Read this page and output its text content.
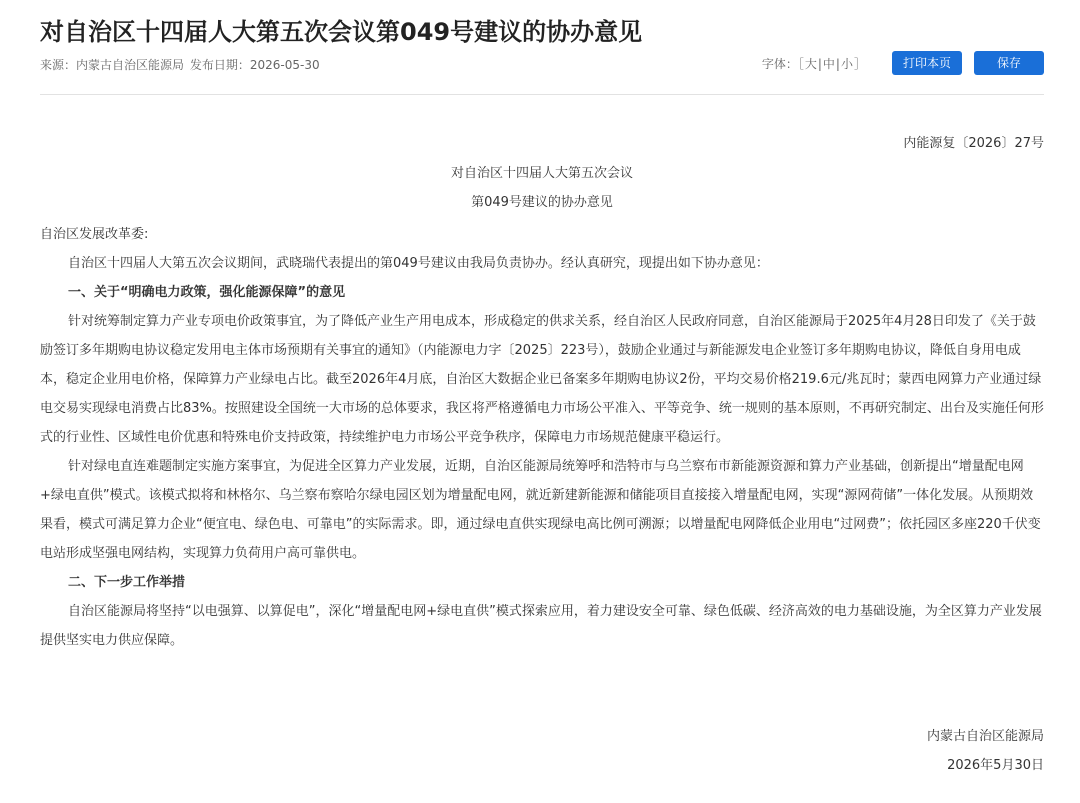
对自治区十四届人大第五次会议第049号建议的协办意见
来源：内蒙古自治区能源局 发布日期：2026-05-30	字体：［大|中|小］	打印本页	保存
内能源复〔2026〕27号
对自治区十四届人大第五次会议
第049号建议的协办意见

自治区发展改革委:

自治区十四届人大第五次会议期间，武晓瑞代表提出的第049号建议由我局负责协办。经认真研究，现提出如下协办意见：

一、关于“明确电力政策，强化能源保障”的意见

针对统筹制定算力产业专项电价政策事宜，为了降低产业生产用电成本，形成稳定的供求关系，经自治区人民政府同意，自治区能源局于2025年4月28日印发了《关于鼓励签订多年期购电协议稳定发用电主体市场预期有关事宜的通知》（内能源电力字〔2025〕223号），鼓励企业通过与新能源发电企业签订多年期购电协议，降低自身用电成本，稳定企业用电价格，保障算力产业绿电占比。截至2026年4月底，自治区大数据企业已备案多年期购电协议2份，平均交易价格219.6元/兆瓦时；蒙西电网算力产业通过绿电交易实现绿电消费占比83%。按照建设全国统一大市场的总体要求，我区将严格遵循电力市场公平准入、平等竞争、统一规则的基本原则，不再研究制定、出台及实施任何形式的行业性、区域性电价优惠和特殊电价支持政策，持续维护电力市场公平竞争秩序，保障电力市场规范健康平稳运行。

针对绿电直连难题制定实施方案事宜，为促进全区算力产业发展，近期，自治区能源局统筹呼和浩特市与乌兰察布市新能源资源和算力产业基础，创新提出“增量配电网+绿电直供”模式。该模式拟将和林格尔、乌兰察布察哈尔绿电园区划为增量配电网，就近新建新能源和储能项目直接接入增量配电网，实现“源网荷储”一体化发展。从预期效果看，模式可满足算力企业“便宜电、绿色电、可靠电”的实际需求。即，通过绿电直供实现绿电高比例可溯源；以增量配电网降低企业用电“过网费”；依托园区多座220千伏变电站形成坚强电网结构，实现算力负荷用户高可靠供电。

二、下一步工作举措

自治区能源局将坚持“以电强算、以算促电”，深化“增量配电网+绿电直供”模式探索应用，着力建设安全可靠、绿色低碳、经济高效的电力基础设施，为全区算力产业发展提供坚实电力供应保障。

内蒙古自治区能源局
2026年5月30日
